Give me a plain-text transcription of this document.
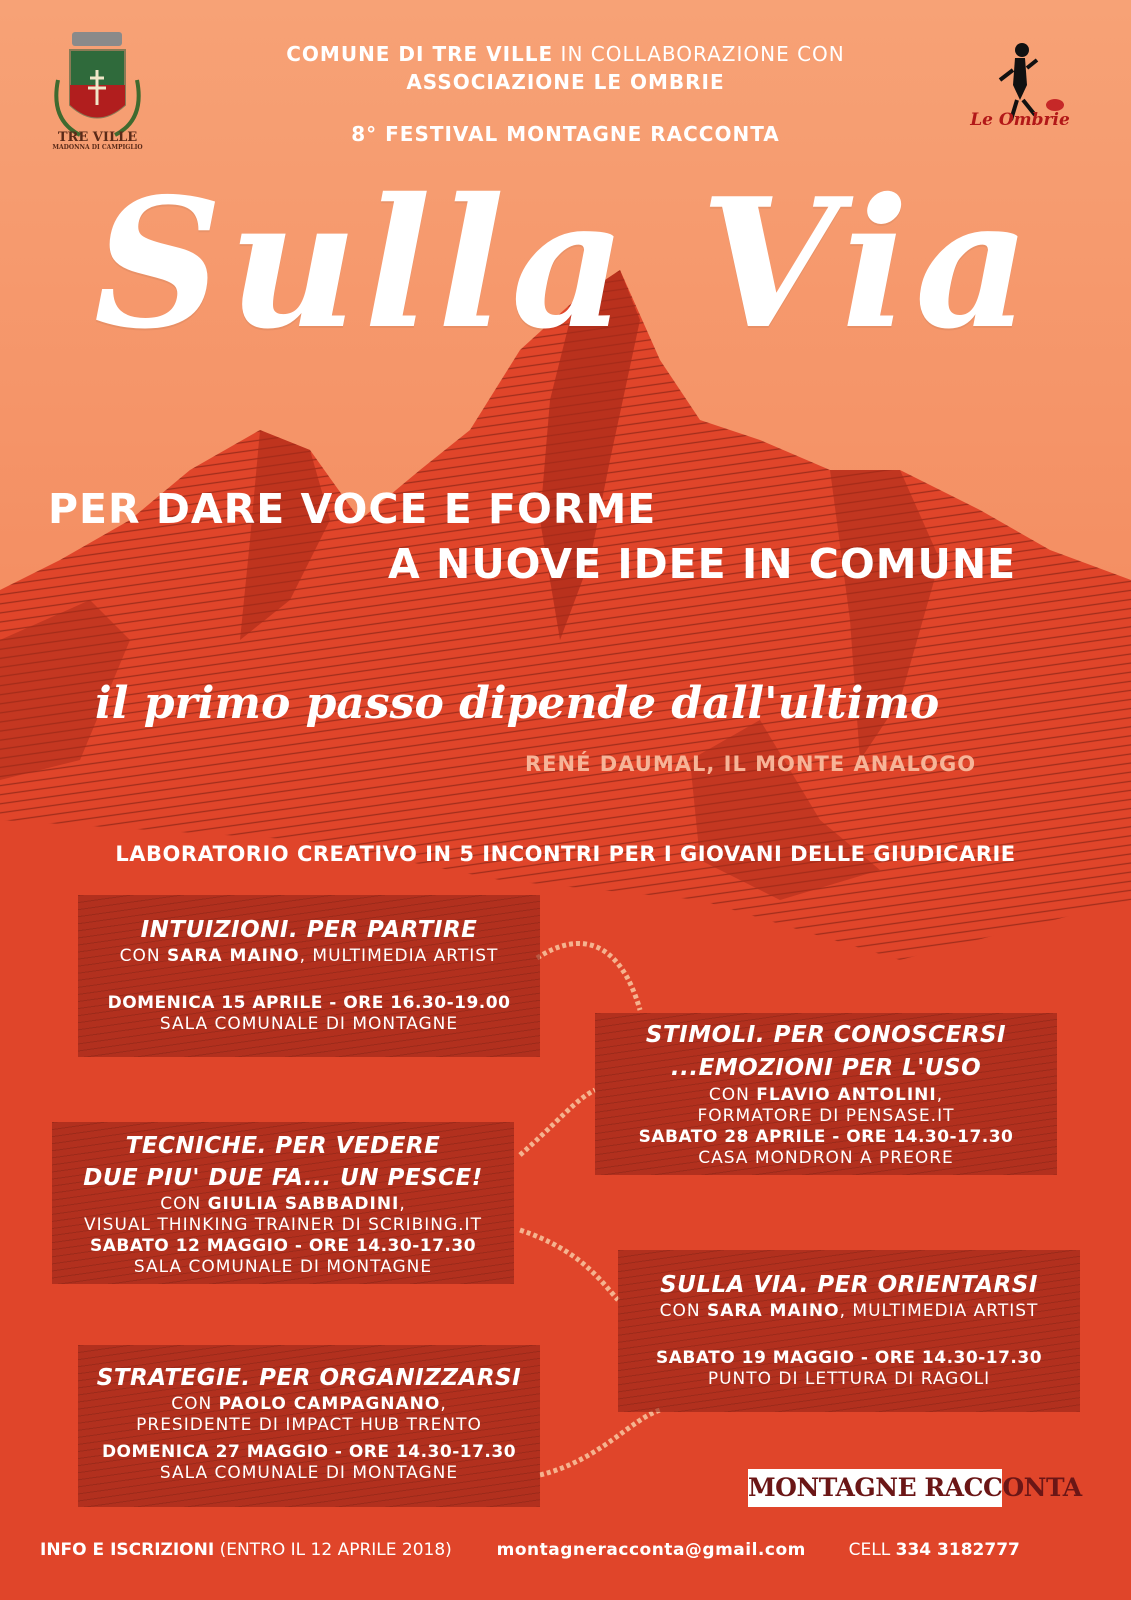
TRE VILLE
MADONNA DI CAMPIGLIO
Le Ombrie
COMUNE DI TRE VILLE IN COLLABORAZIONE CON
ASSOCIAZIONE LE OMBRIE
8° FESTIVAL MONTAGNE RACCONTA
Sulla Via
PER DARE VOCE E FORME
A NUOVE IDEE IN COMUNE
il primo passo dipende dall'ultimo
RENÉ DAUMAL, IL MONTE ANALOGO
LABORATORIO CREATIVO IN 5 INCONTRI PER I GIOVANI DELLE GIUDICARIE
INTUIZIONI. PER PARTIRE
CON SARA MAINO, MULTIMEDIA ARTIST
DOMENICA 15 APRILE - ORE 16.30-19.00
SALA COMUNALE DI MONTAGNE	STIMOLI. PER CONOSCERSI
...EMOZIONI PER L'USO
CON FLAVIO ANTOLINI,
FORMATORE DI PENSASE.IT
SABATO 28 APRILE - ORE 14.30-17.30
CASA MONDRON A PREORE
TECNICHE. PER VEDERE
DUE PIU' DUE FA... UN PESCE!
CON GIULIA SABBADINI,
VISUAL THINKING TRAINER DI SCRIBING.IT
SABATO 12 MAGGIO - ORE 14.30-17.30
SALA COMUNALE DI MONTAGNE
SULLA VIA. PER ORIENTARSI
CON SARA MAINO, MULTIMEDIA ARTIST
SABATO 19 MAGGIO - ORE 14.30-17.30
PUNTO DI LETTURA DI RAGOLI
STRATEGIE. PER ORGANIZZARSI
CON PAOLO CAMPAGNANO,
PRESIDENTE DI IMPACT HUB TRENTO
DOMENICA 27 MAGGIO - ORE 14.30-17.30
SALA COMUNALE DI MONTAGNE	MONTAGNE RACCONTA
INFO E ISCRIZIONI (ENTRO IL 12 APRILE 2018)	montagneracconta@gmail.com	CELL 334 3182777
